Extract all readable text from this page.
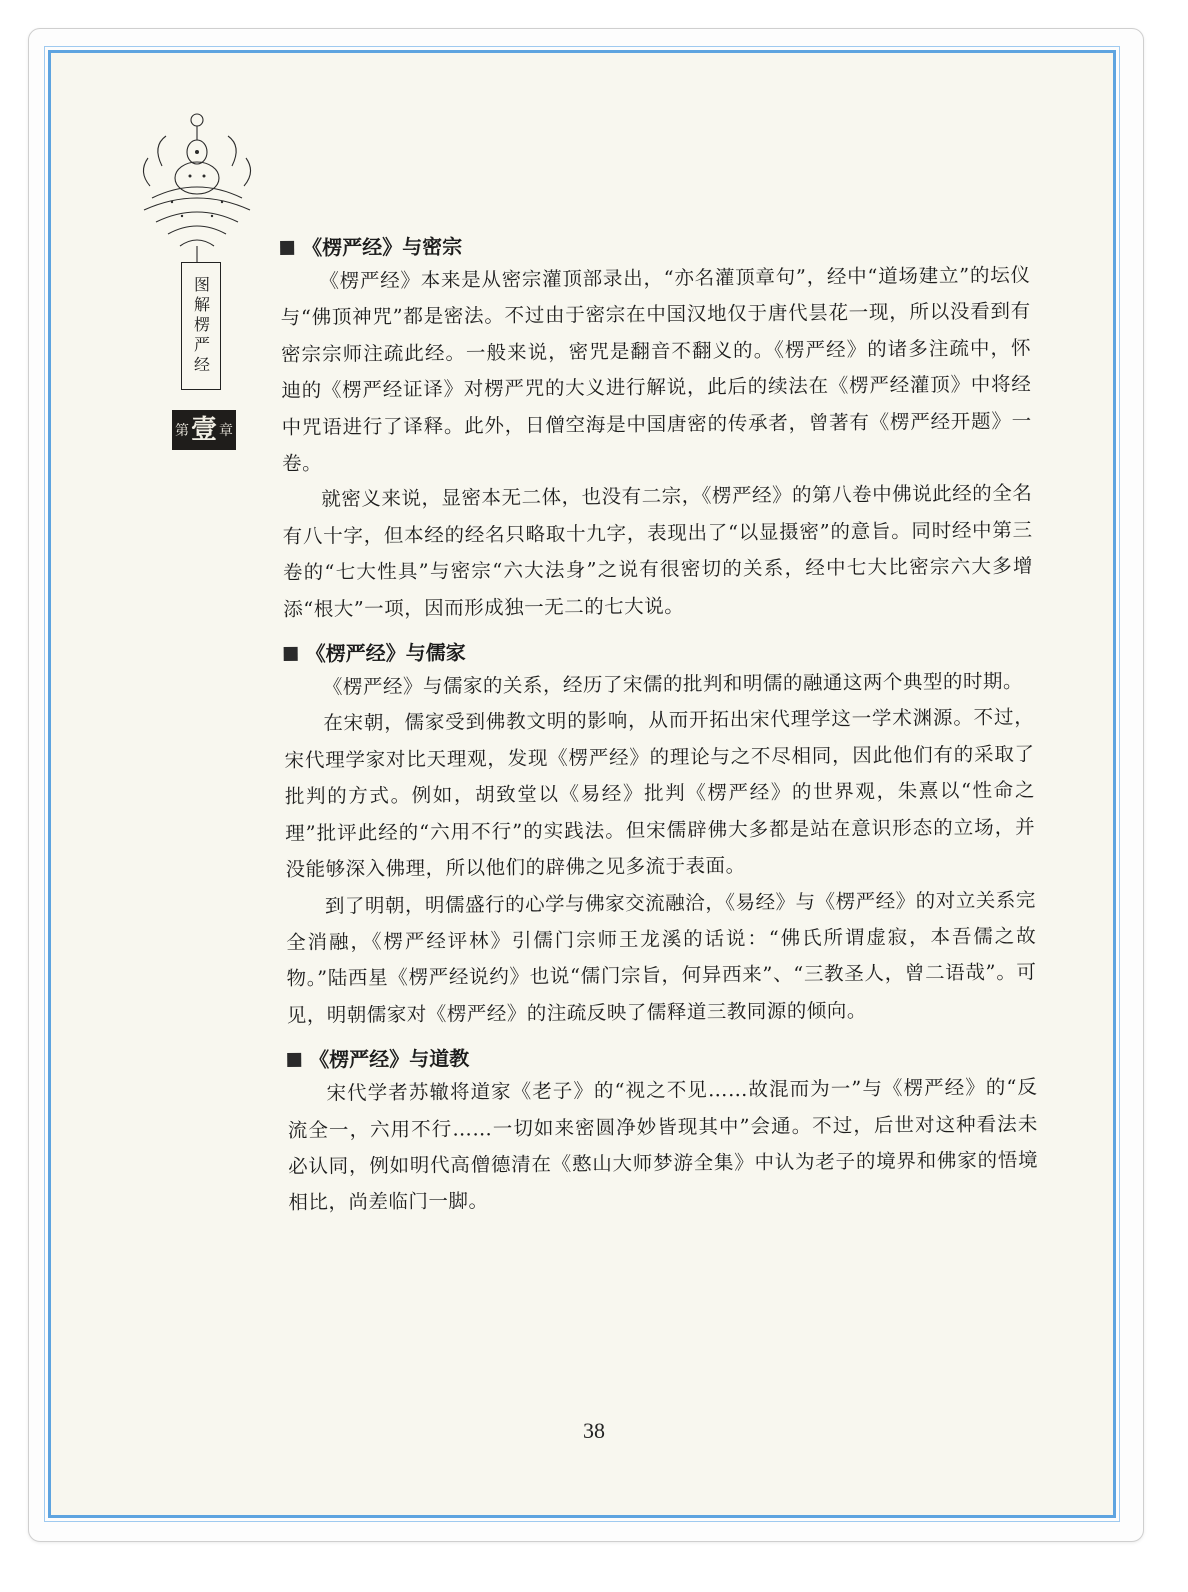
图解楞严经
第 壹 章
《楞严经》与密宗

《楞严经》本来是从密宗灌顶部录出，“亦名灌顶章句”，经中“道场建立”的坛仪与“佛顶神咒”都是密法。不过由于密宗在中国汉地仅于唐代昙花一现，所以没看到有密宗宗师注疏此经。一般来说，密咒是翻音不翻义的。《楞严经》的诸多注疏中，怀迪的《楞严经证译》对楞严咒的大义进行解说，此后的续法在《楞严经灌顶》中将经中咒语进行了译释。此外，日僧空海是中国唐密的传承者，曾著有《楞严经开题》一卷。

就密义来说，显密本无二体，也没有二宗，《楞严经》的第八卷中佛说此经的全名有八十字，但本经的经名只略取十九字，表现出了“以显摄密”的意旨。同时经中第三卷的“七大性具”与密宗“六大法身”之说有很密切的关系，经中七大比密宗六大多增添“根大”一项，因而形成独一无二的七大说。

《楞严经》与儒家

《楞严经》与儒家的关系，经历了宋儒的批判和明儒的融通这两个典型的时期。

在宋朝，儒家受到佛教文明的影响，从而开拓出宋代理学这一学术渊源。不过，宋代理学家对比天理观，发现《楞严经》的理论与之不尽相同，因此他们有的采取了批判的方式。例如，胡致堂以《易经》批判《楞严经》的世界观，朱熹以“性命之理”批评此经的“六用不行”的实践法。但宋儒辟佛大多都是站在意识形态的立场，并没能够深入佛理，所以他们的辟佛之见多流于表面。

到了明朝，明儒盛行的心学与佛家交流融洽，《易经》与《楞严经》的对立关系完全消融，《楞严经评林》引儒门宗师王龙溪的话说：“佛氏所谓虚寂，本吾儒之故物。”陆西星《楞严经说约》也说“儒门宗旨，何异西来”、“三教圣人，曾二语哉”。可见，明朝儒家对《楞严经》的注疏反映了儒释道三教同源的倾向。

《楞严经》与道教

宋代学者苏辙将道家《老子》的“视之不见……故混而为一”与《楞严经》的“反流全一，六用不行……一切如来密圆净妙皆现其中”会通。不过，后世对这种看法未必认同，例如明代高僧德清在《憨山大师梦游全集》中认为老子的境界和佛家的悟境相比，尚差临门一脚。

38
